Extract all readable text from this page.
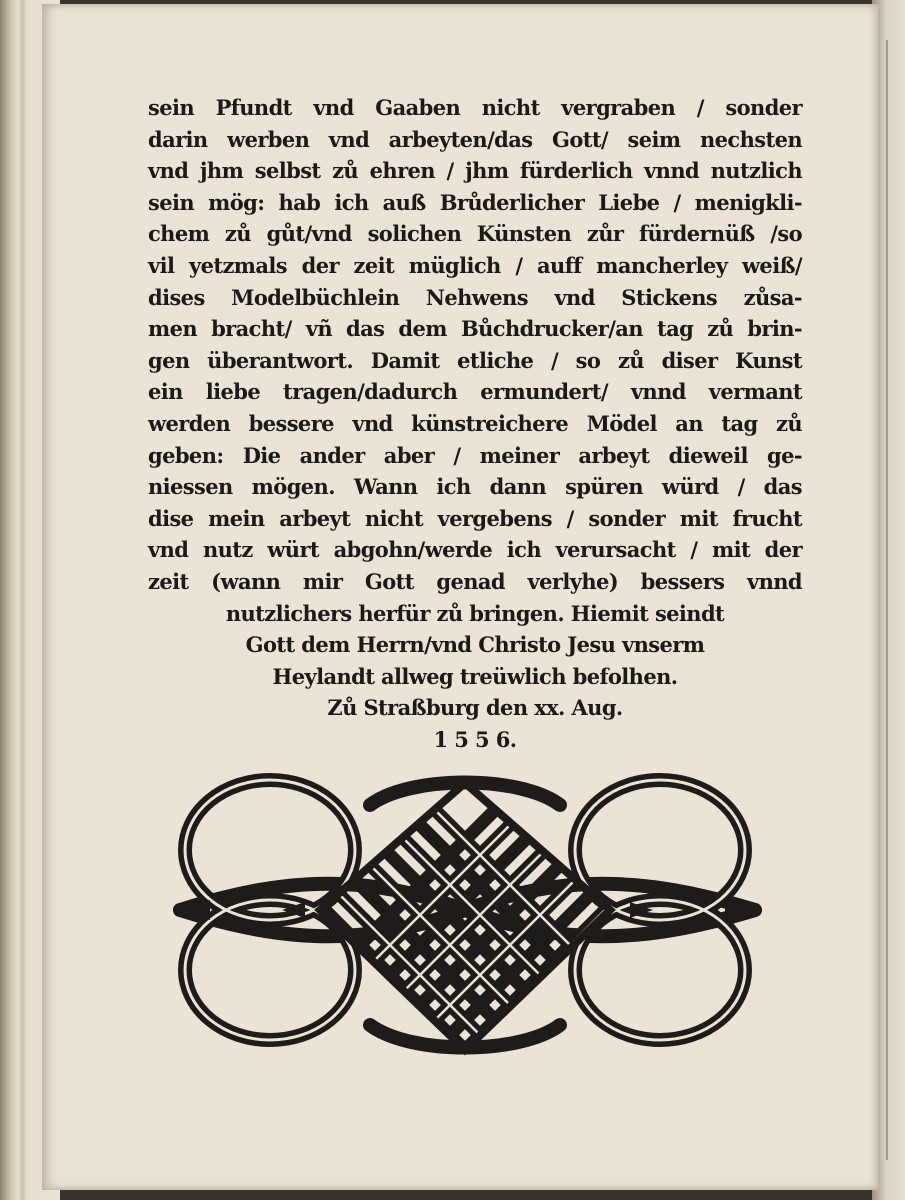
sein Pfundt vnd Gaaben nicht vergraben / sonder
darin werben vnd arbeyten/das Gott/ seim nechsten
vnd jhm selbst zů ehren / jhm fürderlich vnnd nutzlich
sein mög: hab ich auß Brůderlicher Liebe / menigkli-
chem zů gůt/vnd solichen Künsten zůr fürdernüß /so
vil yetzmals der zeit müglich / auff mancherley weiß/
dises Modelbüchlein Nehwens vnd Stickens zůsa-
men bracht/ vñ das dem Bůchdrucker/an tag zů brin-
gen überantwort. Damit etliche / so zů diser Kunst
ein liebe tragen/dadurch ermundert/ vnnd vermant
werden bessere vnd künstreichere Mödel an tag zů
geben: Die ander aber / meiner arbeyt dieweil ge-
niessen mögen. Wann ich dann spüren würd / das
dise mein arbeyt nicht vergebens / sonder mit frucht
vnd nutz würt abgohn/werde ich verursacht / mit der
zeit (wann mir Gott genad verlyhe) bessers vnnd
nutzlichers herfür zů bringen. Hiemit seindt
Gott dem Herrn/vnd Christo Jesu vnserm
Heylandt allweg treüwlich befolhen.
Zů Straßburg den xx. Aug.
1 5 5 6.
